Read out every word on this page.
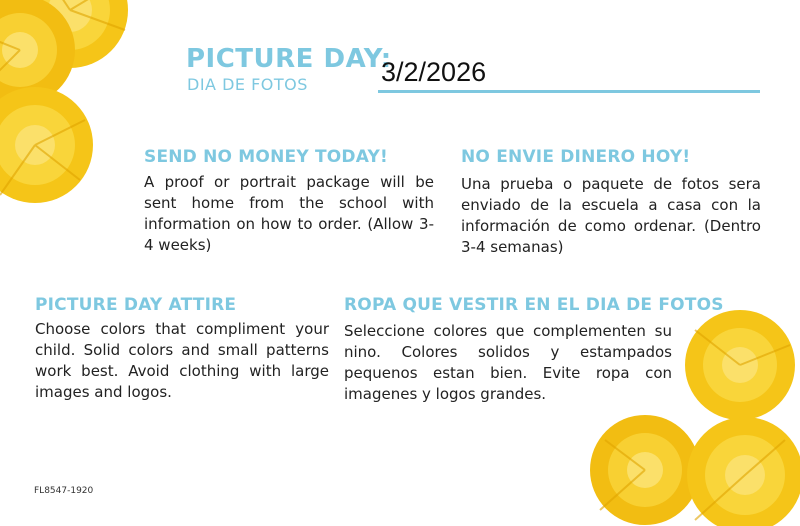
PICTURE DAY:
DIA DE FOTOS	3/2/2026
SEND NO MONEY TODAY!
A proof or portrait package will be sent home from the school with information on how to order. (Allow 3-4 weeks)
NO ENVIE DINERO HOY!
Una prueba o paquete de fotos sera enviado de la escuela a casa con la información de como ordenar. (Dentro 3-4 semanas)
PICTURE DAY ATTIRE
Choose colors that compliment your child. Solid colors and small patterns work best. Avoid clothing with large images and logos.
ROPA QUE VESTIR EN EL DIA DE FOTOS
Seleccione colores que complementen su nino. Colores solidos y estampados pequenos estan bien. Evite ropa con imagenes y logos grandes.
FL8547-1920
